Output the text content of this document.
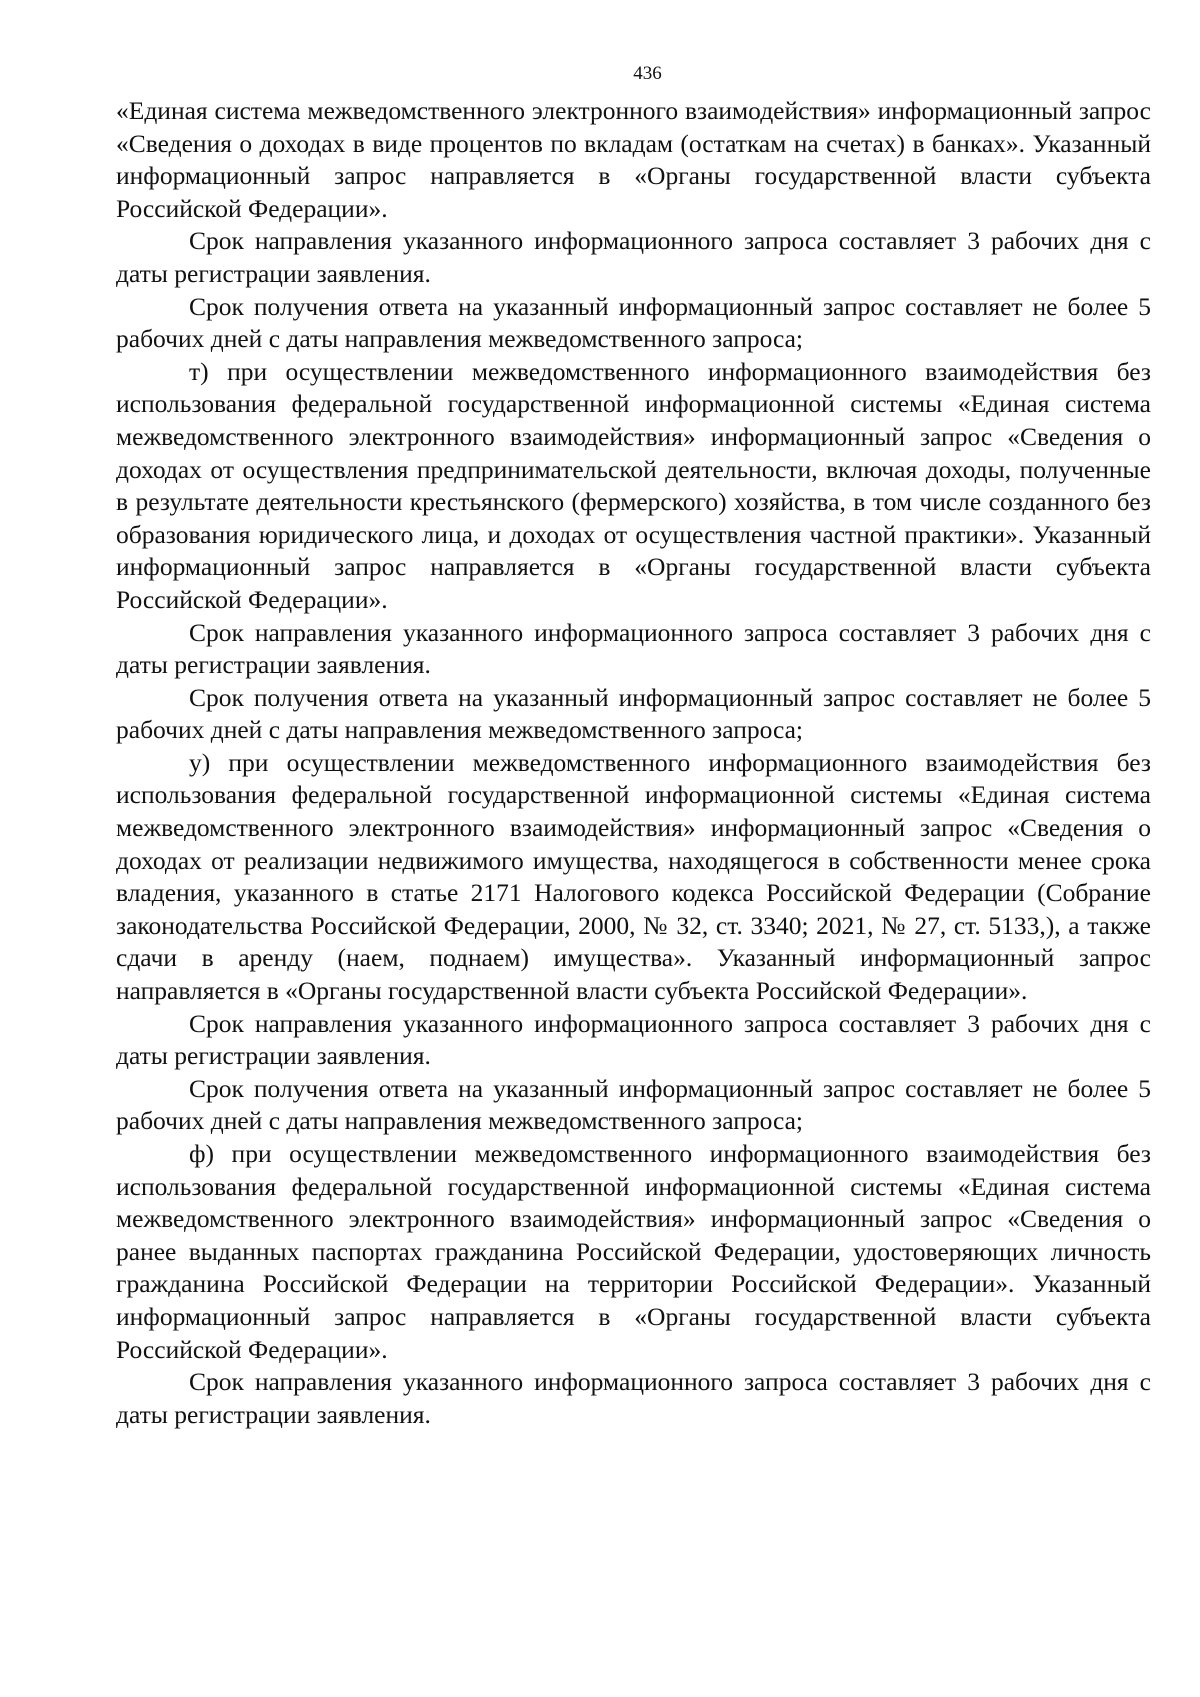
436

«Единая система межведомственного электронного взаимодействия» информационный запрос «Сведения о доходах в виде процентов по вкладам (остаткам на счетах) в банках». Указанный информационный запрос направляется в «Органы государственной власти субъекта Российской Федерации».

Срок направления указанного информационного запроса составляет 3 рабочих дня с даты регистрации заявления.

Срок получения ответа на указанный информационный запрос составляет не более 5 рабочих дней с даты направления межведомственного запроса;

т) при осуществлении межведомственного информационного взаимодействия без использования федеральной государственной информационной системы «Единая система межведомственного электронного взаимодействия» информационный запрос «Сведения о доходах от осуществления предпринимательской деятельности, включая доходы, полученные в результате деятельности крестьянского (фермерского) хозяйства, в том числе созданного без образования юридического лица, и доходах от осуществления частной практики». Указанный информационный запрос направляется в «Органы государственной власти субъекта Российской Федерации».

Срок направления указанного информационного запроса составляет 3 рабочих дня с даты регистрации заявления.

Срок получения ответа на указанный информационный запрос составляет не более 5 рабочих дней с даты направления межведомственного запроса;

у) при осуществлении межведомственного информационного взаимодействия без использования федеральной государственной информационной системы «Единая система межведомственного электронного взаимодействия» информационный запрос «Сведения о доходах от реализации недвижимого имущества, находящегося в собственности менее срока владения, указанного в статье 2171 Налогового кодекса Российской Федерации (Собрание законодательства Российской Федерации, 2000, № 32, ст. 3340; 2021, № 27, ст. 5133,), а также сдачи в аренду (наем, поднаем) имущества». Указанный информационный запрос направляется в «Органы государственной власти субъекта Российской Федерации».

Срок направления указанного информационного запроса составляет 3 рабочих дня с даты регистрации заявления.

Срок получения ответа на указанный информационный запрос составляет не более 5 рабочих дней с даты направления межведомственного запроса;

ф) при осуществлении межведомственного информационного взаимодействия без использования федеральной государственной информационной системы «Единая система межведомственного электронного взаимодействия» информационный запрос «Сведения о ранее выданных паспортах гражданина Российской Федерации, удостоверяющих личность гражданина Российской Федерации на территории Российской Федерации». Указанный информационный запрос направляется в «Органы государственной власти субъекта Российской Федерации».

Срок направления указанного информационного запроса составляет 3 рабочих дня с даты регистрации заявления.
